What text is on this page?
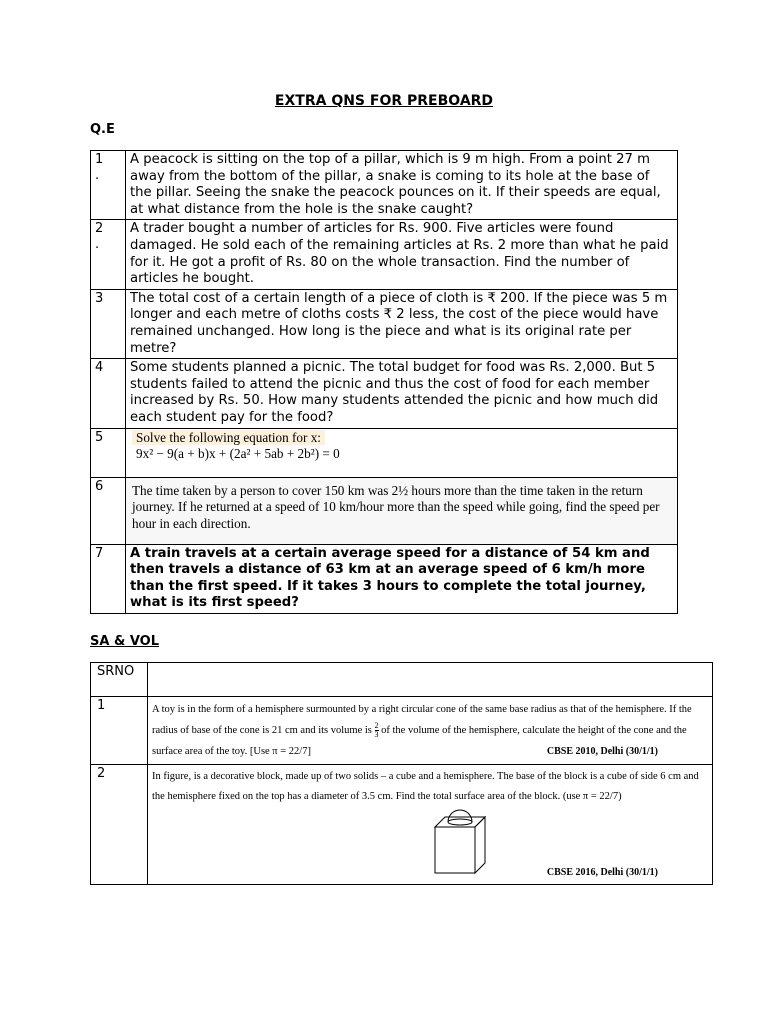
EXTRA QNS FOR PREBOARD
Q.E
1
.	A peacock is sitting on the top of a pillar, which is 9 m high. From a point 27 m away from the bottom of the pillar, a snake is coming to its hole at the base of the pillar. Seeing the snake the peacock pounces on it. If their speeds are equal, at what distance from the hole is the snake caught?
2
.	A trader bought a number of articles for Rs. 900. Five articles were found damaged. He sold each of the remaining articles at Rs. 2 more than what he paid for it. He got a profit of Rs. 80 on the whole transaction. Find the number of articles he bought.
3	The total cost of a certain length of a piece of cloth is ₹ 200. If the piece was 5 m longer and each metre of cloths costs ₹ 2 less, the cost of the piece would have remained unchanged. How long is the piece and what is its original rate per metre?
4	Some students planned a picnic. The total budget for food was Rs. 2,000. But 5 students failed to attend the picnic and thus the cost of food for each member increased by Rs. 50. How many students attended the picnic and how much did each student pay for the food?
5	Solve the following equation for x:
9x² − 9(a + b)x + (2a² + 5ab + 2b²) = 0

6	The time taken by a person to cover 150 km was 2½ hours more than the time taken in the return journey. If he returned at a speed of 10 km/hour more than the speed while going, find the speed per hour in each direction.
7	A train travels at a certain average speed for a distance of 54 km and then travels a distance of 63 km at an average speed of 6 km/h more than the first speed. If it takes 3 hours to complete the total journey, what is its first speed?
SA & VOL
SRNO	
1	A toy is in the form of a hemisphere surmounted by a right circular cone of the same base radius as that of the hemisphere. If the radius of base of the cone is 21 cm and its volume is $\frac{2}{3}$ of the volume of the hemisphere, calculate the height of the cone and the surface area of the toy. [Use π = 22/7] CBSE 2010, Delhi (30/1/1)

2	In figure, is a decorative block, made up of two solids – a cube and a hemisphere. The base of the block is a cube of side 6 cm and the hemisphere fixed on the top has a diameter of 3.5 cm. Find the total surface area of the block. (use π = 22/7)
CBSE 2016, Delhi (30/1/1)
